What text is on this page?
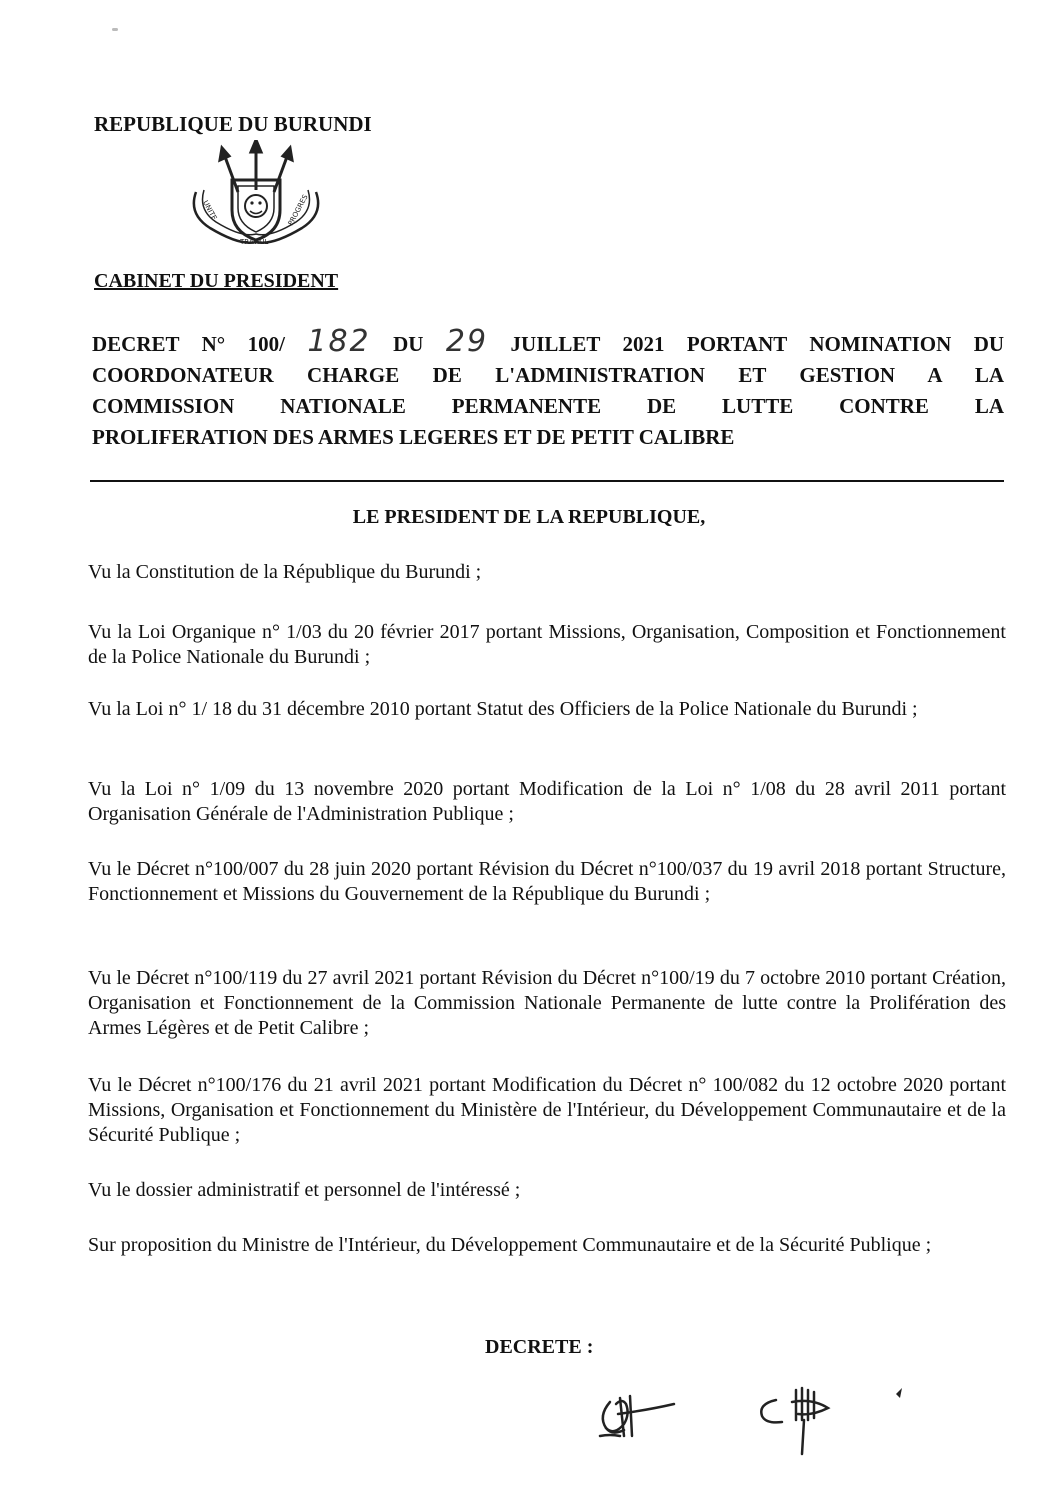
REPUBLIQUE DU BURUNDI
UNITE
TRAVAIL
PROGRES
CABINET DU PRESIDENT
DECRET N° 100/ 182 DU 29 JUILLET 2021 PORTANT NOMINATION DU
COORDONATEUR CHARGE DE L'ADMINISTRATION ET GESTION A LA
COMMISSION NATIONALE PERMANENTE DE LUTTE CONTRE LA
PROLIFERATION DES ARMES LEGERES ET DE PETIT CALIBRE
LE PRESIDENT DE LA REPUBLIQUE,
Vu la Constitution de la République du Burundi ;
Vu la Loi Organique n° 1/03 du 20 février 2017 portant Missions, Organisation, Composition et Fonctionnement de la Police Nationale du Burundi ;
Vu la Loi n° 1/ 18 du 31 décembre 2010 portant Statut des Officiers de la Police Nationale du Burundi ;
Vu la Loi n° 1/09 du 13 novembre 2020 portant Modification de la Loi n° 1/08 du 28 avril 2011 portant Organisation Générale de l'Administration Publique ;
Vu le Décret n°100/007 du 28 juin 2020 portant Révision du Décret n°100/037 du 19 avril 2018 portant Structure, Fonctionnement et Missions du Gouvernement de la République du Burundi ;
Vu le Décret n°100/119 du 27 avril 2021 portant Révision du Décret n°100/19 du 7 octobre 2010 portant Création, Organisation et Fonctionnement de la Commission Nationale Permanente de lutte contre la Prolifération des Armes Légères et de Petit Calibre ;
Vu le Décret n°100/176 du 21 avril 2021 portant Modification du Décret n° 100/082 du 12 octobre 2020 portant Missions, Organisation et Fonctionnement du Ministère de l'Intérieur, du Développement Communautaire et de la Sécurité Publique ;
Vu le dossier administratif et personnel de l'intéressé ;
Sur proposition du Ministre de l'Intérieur, du Développement Communautaire et de la Sécurité Publique ;
DECRETE :
